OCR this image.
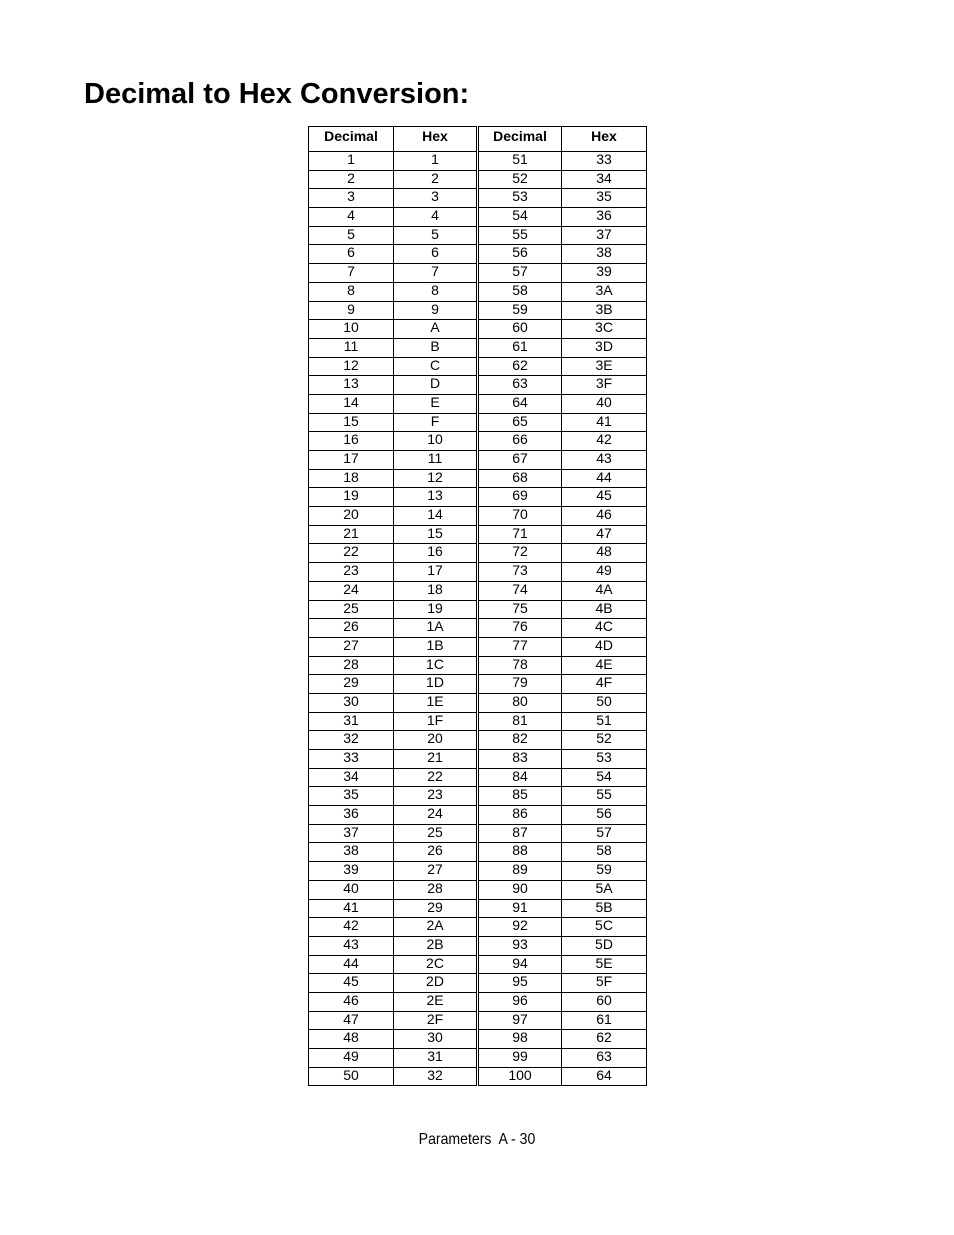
Decimal to Hex Conversion:
Decimal	Hex	Decimal	Hex
1	1	51	33
2	2	52	34
3	3	53	35
4	4	54	36
5	5	55	37
6	6	56	38
7	7	57	39
8	8	58	3A
9	9	59	3B
10	A	60	3C
11	B	61	3D
12	C	62	3E
13	D	63	3F
14	E	64	40
15	F	65	41
16	10	66	42
17	11	67	43
18	12	68	44
19	13	69	45
20	14	70	46
21	15	71	47
22	16	72	48
23	17	73	49
24	18	74	4A
25	19	75	4B
26	1A	76	4C
27	1B	77	4D
28	1C	78	4E
29	1D	79	4F
30	1E	80	50
31	1F	81	51
32	20	82	52
33	21	83	53
34	22	84	54
35	23	85	55
36	24	86	56
37	25	87	57
38	26	88	58
39	27	89	59
40	28	90	5A
41	29	91	5B
42	2A	92	5C
43	2B	93	5D
44	2C	94	5E
45	2D	95	5F
46	2E	96	60
47	2F	97	61
48	30	98	62
49	31	99	63
50	32	100	64
Parameters  A - 30
